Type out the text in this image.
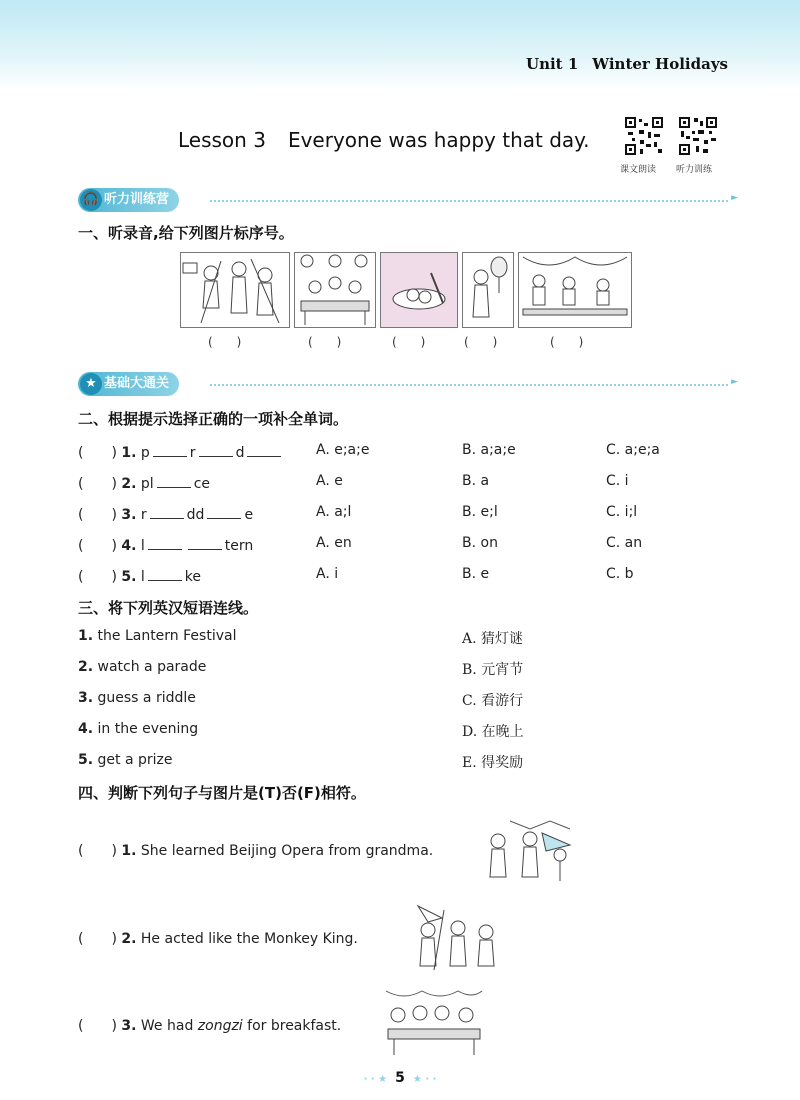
Unit 1 Winter Holidays
Lesson 3 Everyone was happy that day.
课文朗读 听力训练
🎧 听力训练营
►
一、听录音,给下列图片标序号。
(　　)	(　　)	(　　)	(　　)	(　　)
★ 基础大通关
►
二、根据提示选择正确的一项补全单词。
(　　) 1. p	r	d	A. e;a;e	B. a;a;e	C. a;e;a
(　　) 2. pl	ce	A. e	B. a	C. i
(　　) 3. r	dd	e	A. a;l	B. e;l	C. i;l
(　　) 4. l	tern	A. en	B. on	C. an
(　　) 5. l	ke	A. i	B. e	C. b
三、将下列英汉短语连线。
1. the Lantern Festival
2. watch a parade
3. guess a riddle
4. in the evening
5. get a prize
A. 猜灯谜
B. 元宵节
C. 看游行
D. 在晚上
E. 得奖励
四、判断下列句子与图片是(T)否(F)相符。
(　　) 1. She learned Beijing Opera from grandma.
(　　) 2. He acted like the Monkey King.
(　　) 3. We had zongzi for breakfast.
· · ★ 5 ★ · ·
